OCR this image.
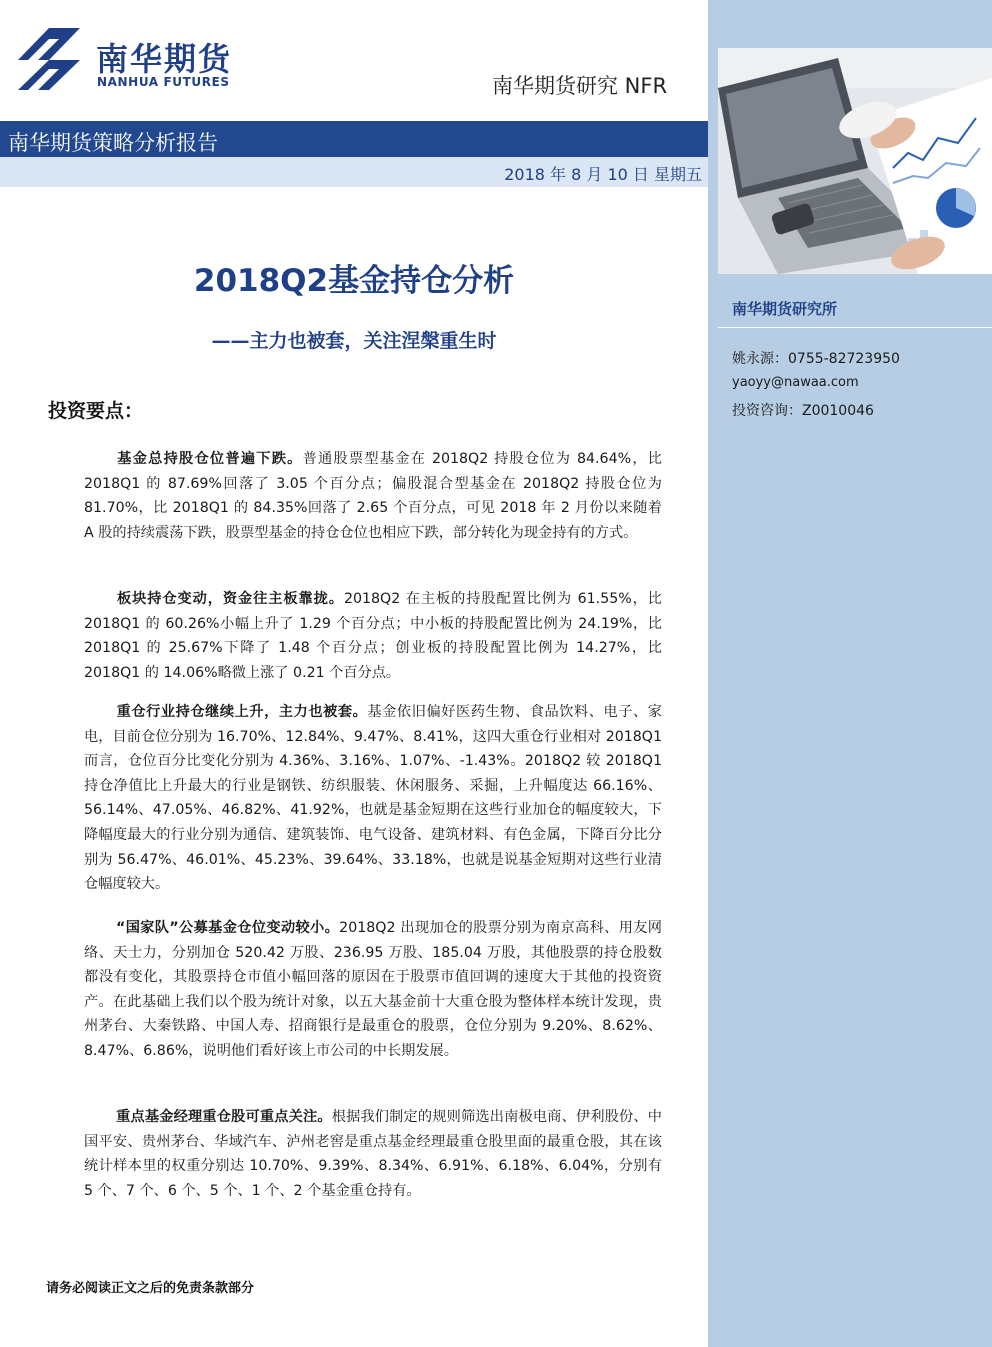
南华期货
NANHUA FUTURES	南华期货研究 NFR
南华期货策略分析报告
2018 年 8 月 10 日 星期五
南华期货研究所
姚永源：0755-82723950
yaoyy@nawaa.com
投资咨询：Z0010046
2018Q2基金持仓分析
——主力也被套，关注涅槃重生时
投资要点：
基金总持股仓位普遍下跌。普通股票型基金在 2018Q2 持股仓位为 84.64%，比 2018Q1 的 87.69%回落了 3.05 个百分点；偏股混合型基金在 2018Q2 持股仓位为 81.70%，比 2018Q1 的 84.35%回落了 2.65 个百分点，可见 2018 年 2 月份以来随着 A 股的持续震荡下跌，股票型基金的持仓仓位也相应下跌，部分转化为现金持有的方式。
板块持仓变动，资金往主板靠拢。2018Q2 在主板的持股配置比例为 61.55%，比 2018Q1 的 60.26%小幅上升了 1.29 个百分点；中小板的持股配置比例为 24.19%，比 2018Q1 的 25.67%下降了 1.48 个百分点；创业板的持股配置比例为 14.27%，比 2018Q1 的 14.06%略微上涨了 0.21 个百分点。
重仓行业持仓继续上升，主力也被套。基金依旧偏好医药生物、食品饮料、电子、家电，目前仓位分别为 16.70%、12.84%、9.47%、8.41%，这四大重仓行业相对 2018Q1 而言，仓位百分比变化分别为 4.36%、3.16%、1.07%、-1.43%。2018Q2 较 2018Q1 持仓净值比上升最大的行业是钢铁、纺织服装、休闲服务、采掘，上升幅度达 66.16%、56.14%、47.05%、46.82%、41.92%，也就是基金短期在这些行业加仓的幅度较大，下降幅度最大的行业分别为通信、建筑装饰、电气设备、建筑材料、有色金属，下降百分比分别为 56.47%、46.01%、45.23%、39.64%、33.18%，也就是说基金短期对这些行业清仓幅度较大。
“国家队”公募基金仓位变动较小。2018Q2 出现加仓的股票分别为南京高科、用友网络、天士力，分别加仓 520.42 万股、236.95 万股、185.04 万股，其他股票的持仓股数都没有变化，其股票持仓市值小幅回落的原因在于股票市值回调的速度大于其他的投资资产。在此基础上我们以个股为统计对象，以五大基金前十大重仓股为整体样本统计发现，贵州茅台、大秦铁路、中国人寿、招商银行是最重仓的股票，仓位分别为 9.20%、8.62%、8.47%、6.86%，说明他们看好该上市公司的中长期发展。
重点基金经理重仓股可重点关注。根据我们制定的规则筛选出南极电商、伊利股份、中国平安、贵州茅台、华域汽车、泸州老窖是重点基金经理最重仓股里面的最重仓股，其在该统计样本里的权重分别达 10.70%、9.39%、8.34%、6.91%、6.18%、6.04%，分别有 5 个、7 个、6 个、5 个、1 个、2 个基金重仓持有。
请务必阅读正文之后的免责条款部分
